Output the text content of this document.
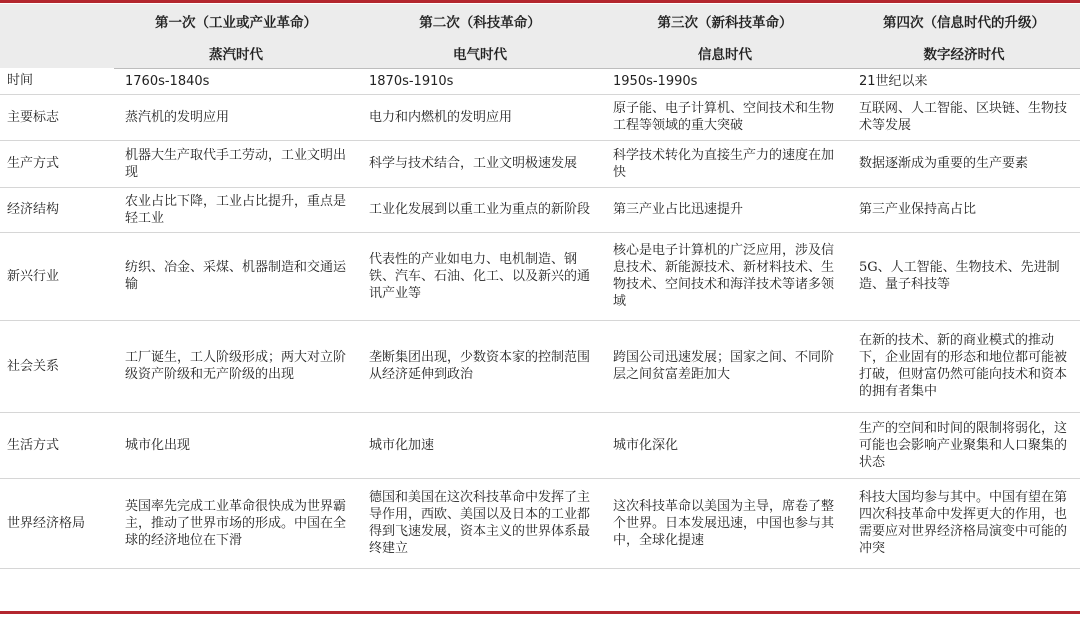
	第一次（工业或产业革命）	第二次（科技革命）	第三次（新科技革命）	第四次（信息时代的升级）
	蒸汽时代	电气时代	信息时代	数字经济时代
时间	1760s-1840s	1870s-1910s	1950s-1990s	21世纪以来
主要标志	蒸汽机的发明应用	电力和内燃机的发明应用	原子能、电子计算机、空间技术和生物工程等领域的重大突破	互联网、人工智能、区块链、生物技术等发展
生产方式	机器大生产取代手工劳动，工业文明出现	科学与技术结合，工业文明极速发展	科学技术转化为直接生产力的速度在加快	数据逐渐成为重要的生产要素
经济结构	农业占比下降，工业占比提升，重点是轻工业	工业化发展到以重工业为重点的新阶段	第三产业占比迅速提升	第三产业保持高占比
新兴行业	纺织、冶金、采煤、机器制造和交通运输	代表性的产业如电力、电机制造、钢铁、汽车、石油、化工、以及新兴的通讯产业等	核心是电子计算机的广泛应用，涉及信息技术、新能源技术、新材料技术、生物技术、空间技术和海洋技术等诸多领域	5G、人工智能、生物技术、先进制造、量子科技等
社会关系	工厂诞生，工人阶级形成；两大对立阶级资产阶级和无产阶级的出现	垄断集团出现，少数资本家的控制范围从经济延伸到政治	跨国公司迅速发展；国家之间、不同阶层之间贫富差距加大	在新的技术、新的商业模式的推动下，企业固有的形态和地位都可能被打破，但财富仍然可能向技术和资本的拥有者集中
生活方式	城市化出现	城市化加速	城市化深化	生产的空间和时间的限制将弱化，这可能也会影响产业聚集和人口聚集的状态
世界经济格局	英国率先完成工业革命很快成为世界霸主，推动了世界市场的形成。中国在全球的经济地位在下滑	德国和美国在这次科技革命中发挥了主导作用，西欧、美国以及日本的工业都得到飞速发展，资本主义的世界体系最终建立	这次科技革命以美国为主导，席卷了整个世界。日本发展迅速，中国也参与其中，全球化提速	科技大国均参与其中。中国有望在第四次科技革命中发挥更大的作用，也需要应对世界经济格局演变中可能的冲突
